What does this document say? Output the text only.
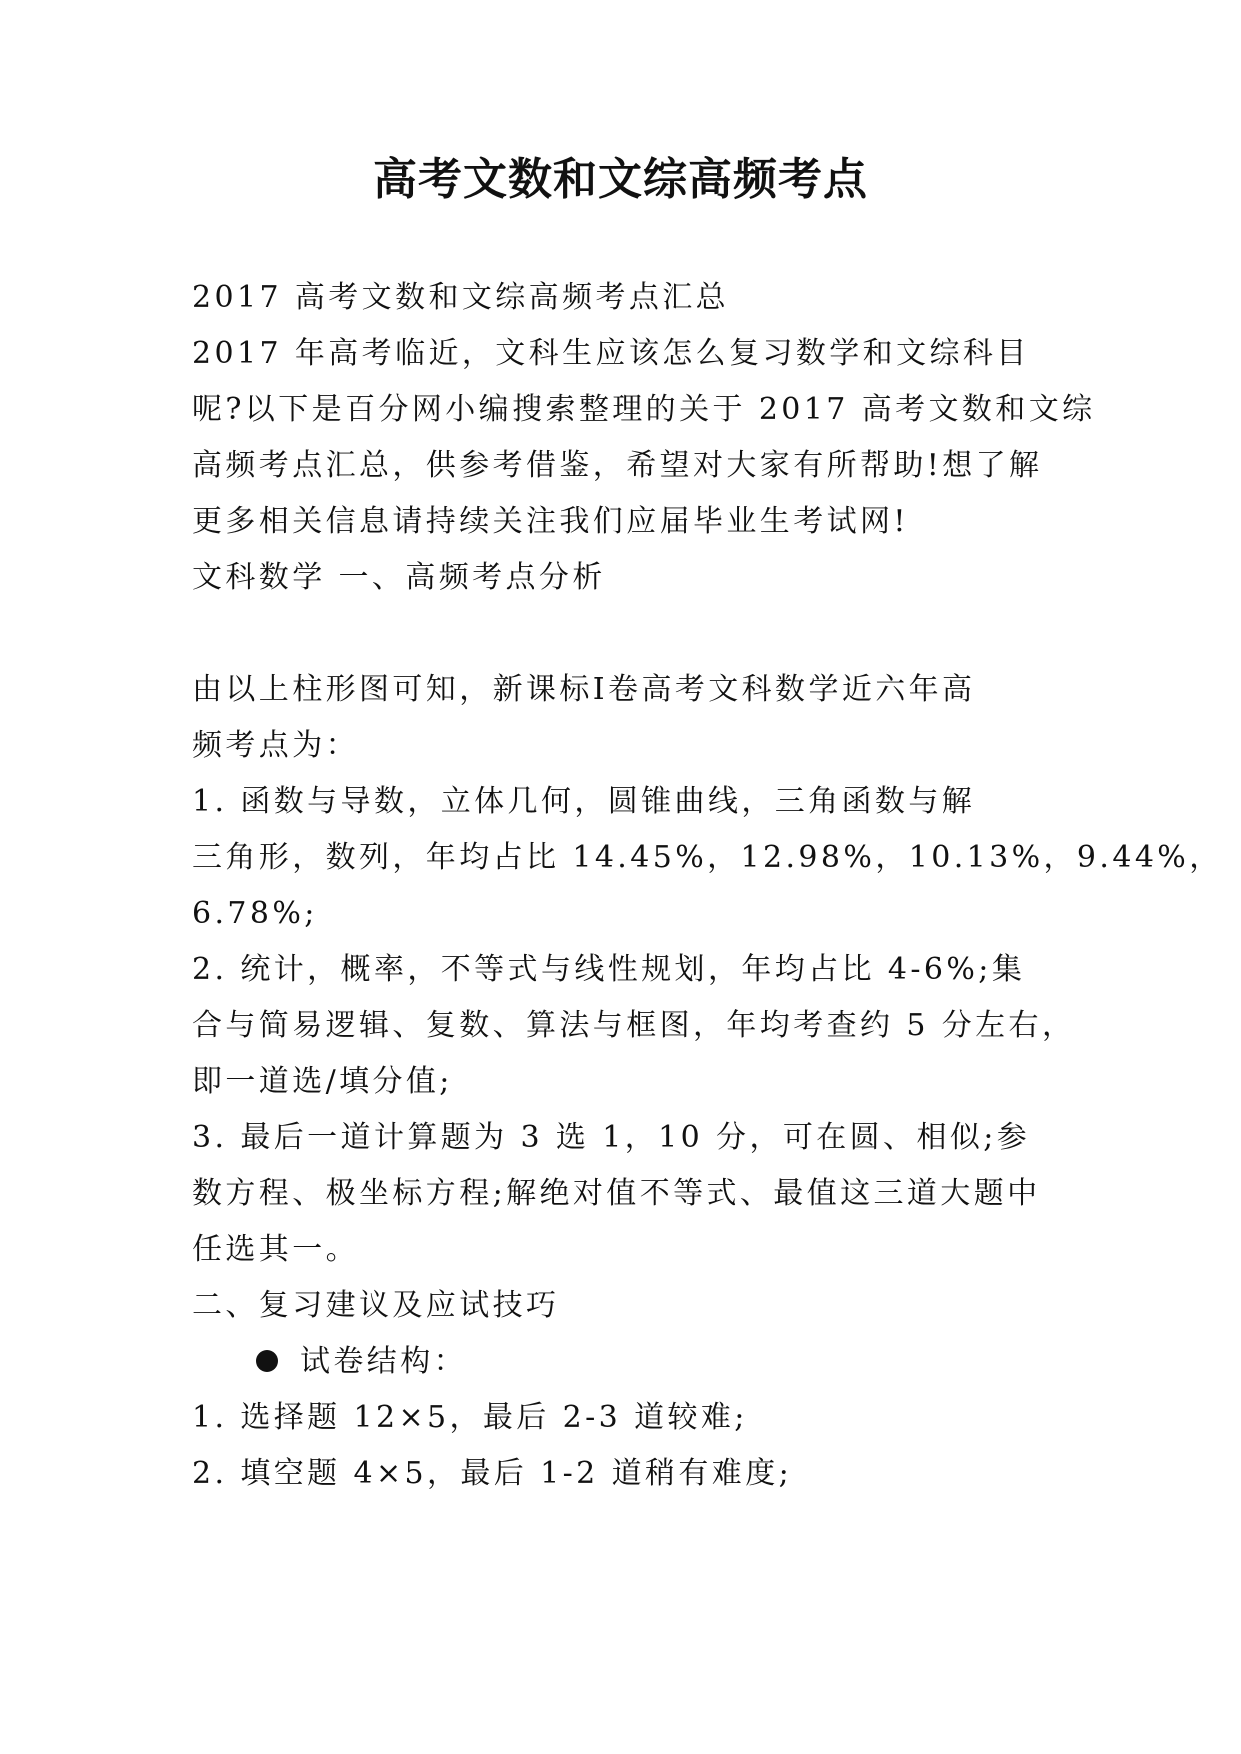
高考文数和文综高频考点
2017 高考文数和文综高频考点汇总
2017 年高考临近，文科生应该怎么复习数学和文综科目
呢?以下是百分网小编搜索整理的关于 2017 高考文数和文综
高频考点汇总，供参考借鉴，希望对大家有所帮助!想了解
更多相关信息请持续关注我们应届毕业生考试网!
文科数学 一、高频考点分析
由以上柱形图可知，新课标Ⅰ卷高考文科数学近六年高
频考点为：
1. 函数与导数，立体几何，圆锥曲线，三角函数与解
三角形，数列，年均占比 14.45%，12.98%，10.13%，9.44%，
6.78%;
2. 统计，概率，不等式与线性规划，年均占比 4-6%;集
合与简易逻辑、复数、算法与框图，年均考查约 5 分左右，
即一道选/填分值;
3. 最后一道计算题为 3 选 1，10 分，可在圆、相似;参
数方程、极坐标方程;解绝对值不等式、最值这三道大题中
任选其一。
二、复习建议及应试技巧
试卷结构：
1. 选择题 12×5，最后 2-3 道较难;
2. 填空题 4×5，最后 1-2 道稍有难度;
